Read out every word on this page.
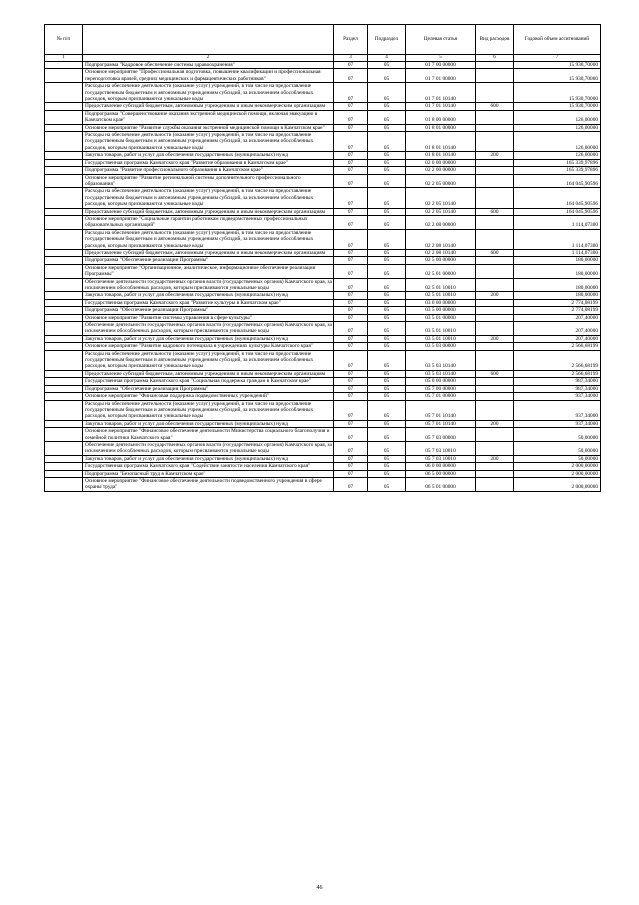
№ п/п		Раздел	Подраздел	Целевая статья	Вид расходов	Годовой объем ассигнований
1	2	3	4	5	6	7
	Подпрограмма "Кадровое обеспечение системы здравоохранения"	07	05	01 7 00 00000		15 930,70000
	Основное мероприятие "Профессиональная подготовка, повышение квалификации и профессиональная переподготовка врачей, средних медицинских и фармацевтических работников"	07	05	01 7 01 00000		15 930,70000
	Расходы на обеспечение деятельности (оказание услуг) учреждений, в том числе на предоставление государственным бюджетным и автономным учреждениям субсидий, за исключением обособленных расходов, которым присваиваются уникальные коды	07	05	01 7 01 10140		15 930,70000
	Предоставление субсидий бюджетным, автономным учреждениям и иным некоммерческим организациям	07	05	01 7 01 10140	600	15 930,70000
	Подпрограмма "Совершенствование оказания экстренной медицинской помощи, включая эвакуацию в Камчатском крае"	07	05	01 8 00 00000		126,00000
	Основное мероприятие "Развитие службы оказания экстренной медицинской помощи в Камчатском крае"	07	05	01 8 01 00000		126,00000
	Расходы на обеспечение деятельности (оказание услуг) учреждений, в том числе на предоставление государственным бюджетным и автономным учреждениям субсидий, за исключением обособленных расходов, которым присваиваются уникальные коды	07	05	01 8 01 10140		126,00000
	Закупка товаров, работ и услуг для обеспечения государственных (муниципальных) нужд	07	05	01 8 01 10140	200	126,00000
	Государственная программа Камчатского края "Развитие образования в Камчатском крае"	07	05	02 0 00 00000		165 339,97896
	Подпрограмма "Развитие профессионального образования в Камчатском крае"	07	05	02 2 00 00000		165 339,97896
	Основное мероприятие "Развитие региональной системы дополнительного профессионального образования"	07	05	02 2 05 00000		164 045,90596
	Расходы на обеспечение деятельности (оказание услуг) учреждений, в том числе на предоставление государственным бюджетным и автономным учреждениям субсидий, за исключением обособленных расходов, которым присваиваются уникальные коды	07	05	02 2 05 10140		164 045,90596
	Предоставление субсидий бюджетным, автономным учреждениям и иным некоммерческим организациям	07	05	02 2 05 10140	600	164 045,90596
	Основное мероприятие "Социальные гарантии работникам подведомственных профессиональных образовательных организаций"	07	05	02 2 08 00000		1 114,07300
	Расходы на обеспечение деятельности (оказание услуг) учреждений, в том числе на предоставление государственным бюджетным и автономным учреждениям субсидий, за исключением обособленных расходов, которым присваиваются уникальные коды	07	05	02 2 08 10140		1 114,07300
	Предоставление субсидий бюджетным, автономным учреждениям и иным некоммерческим организациям	07	05	02 2 08 10140	600	1 114,07300
	Подпрограмма "Обеспечение реализации Программы"	07	05	02 5 00 00000		180,00000
	Основное мероприятие "Организационное, аналитическое, информационное обеспечение реализации Программы"	07	05	02 5 01 00000		180,00000
	Обеспечение деятельности государственных органов власти (государственных органов) Камчатского края, за исключением обособленных расходов, которым присваиваются уникальные коды	07	05	02 5 01 10010		180,00000
	Закупка товаров, работ и услуг для обеспечения государственных (муниципальных) нужд	07	05	02 5 01 10010	200	180,00000
	Государственная программа Камчатского края "Развитие культуры в Камчатском крае"	07	05	03 0 00 00000		2 774,08199
	Подпрограмма "Обеспечение реализации Программы"	07	05	03 5 00 00000		2 774,08199
	Основное мероприятие "Развитие системы управления в сфере культуры"	07	05	03 5 01 00000		207,40000
	Обеспечение деятельности государственных органов власти (государственных органов) Камчатского края, за исключением обособленных расходов, которым присваиваются уникальные коды	07	05	03 5 01 10010		207,40000
	Закупка товаров, работ и услуг для обеспечения государственных (муниципальных) нужд	07	05	03 5 01 10010	200	207,40000
	Основное мероприятие "Развитие кадрового потенциала в учреждениях культуры Камчатского края"	07	05	03 5 03 00000		2 566,68199
	Расходы на обеспечение деятельности (оказание услуг) учреждений, в том числе на предоставление государственным бюджетным и автономным учреждениям субсидий, за исключением обособленных расходов, которым присваиваются уникальные коды	07	05	03 5 03 10140		2 566,68199
	Предоставление субсидий бюджетным, автономным учреждениям и иным некоммерческим организациям	07	05	03 5 03 10140	600	2 566,68199
	Государственная программа Камчатского края "Социальная поддержка граждан в Камчатском крае"	07	05	05 0 00 00000		987,34000
	Подпрограмма "Обеспечение реализации Программы"	07	05	05 7 00 00000		987,34000
	Основное мероприятие "Финансовая поддержка подведомственных учреждений"	07	05	05 7 01 00000		937,34000
	Расходы на обеспечение деятельности (оказание услуг) учреждений, в том числе на предоставление государственным бюджетным и автономным учреждениям субсидий, за исключением обособленных расходов, которым присваиваются уникальные коды	07	05	05 7 01 10140		937,34000
	Закупка товаров, работ и услуг для обеспечения государственных (муниципальных) нужд	07	05	05 7 01 10140	200	937,34000
	Основное мероприятие "Финансовое обеспечение деятельности Министерства социального благополучия и семейной политики Камчатского края"	07	05	05 7 03 00000		50,00000
	Обеспечение деятельности государственных органов власти (государственных органов) Камчатского края, за исключением обособленных расходов, которым присваиваются уникальные коды	07	05	05 7 03 10010		50,00000
	Закупка товаров, работ и услуг для обеспечения государственных (муниципальных) нужд	07	05	05 7 03 10010	200	50,00000
	Государственная программа Камчатского края "Содействие занятости населения Камчатского края"	07	05	06 0 00 00000		2 000,00000
	Подпрограмма "Безопасный труд в Камчатском крае"	07	05	06 5 00 00000		2 000,00000
	Основное мероприятие "Финансовое обеспечение деятельности подведомственного учреждения в сфере охраны труда"	07	05	06 5 01 00000		2 000,00000
46
